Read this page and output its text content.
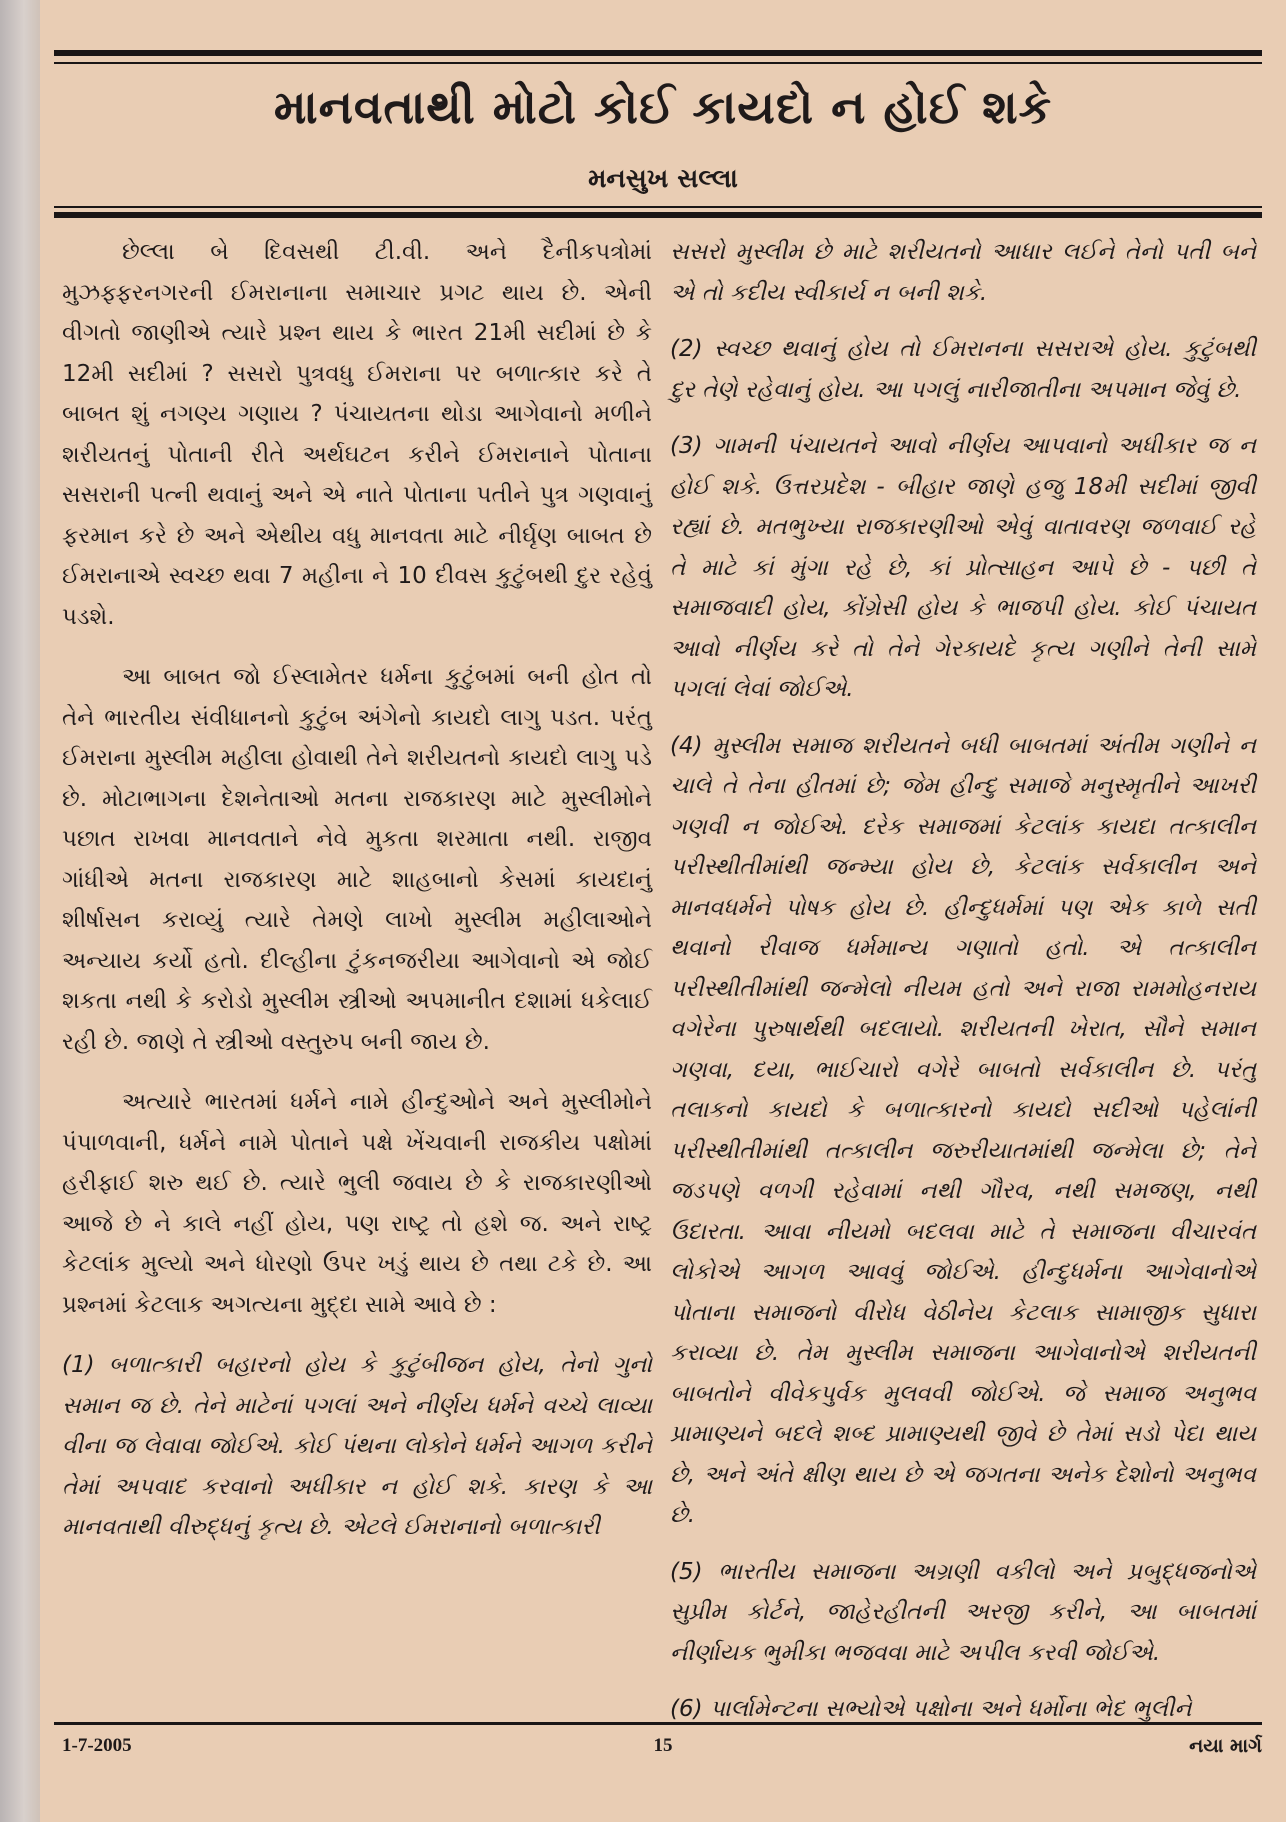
માનવતાથી મોટો કોઈ કાયદો ન હોઈ શકે
મનસુખ સલ્લા

છેલ્લા બે દિવસથી ટી.વી. અને દૈનીકપત્રોમાં મુઝફ્ફરનગરની ઈમરાનાના સમાચાર પ્રગટ થાય છે. એની વીગતો જાણીએ ત્યારે પ્રશ્ન થાય કે ભારત 21મી સદીમાં છે કે 12મી સદીમાં ? સસરો પુત્રવધુ ઈમરાના પર બળાત્કાર કરે તે બાબત શું નગણ્ય ગણાય ? પંચાયતના થોડા આગેવાનો મળીને શરીયતનું પોતાની રીતે અર્થઘટન કરીને ઈમરાનાને પોતાના સસરાની પત્ની થવાનું અને એ નાતે પોતાના પતીને પુત્ર ગણવાનું ફરમાન કરે છે અને એથીય વધુ માનવતા માટે નીર્ઘૃણ બાબત છે ઈમરાનાએ સ્વચ્છ થવા 7 મહીના ને 10 દીવસ કુટુંબથી દુર રહેવું પડશે.

આ બાબત જો ઈસ્લામેતર ધર્મના કુટુંબમાં બની હોત તો તેને ભારતીય સંવીધાનનો કુટુંબ અંગેનો કાયદો લાગુ પડત. પરંતુ ઈમરાના મુસ્લીમ મહીલા હોવાથી તેને શરીયતનો કાયદો લાગુ પડે છે. મોટાભાગના દેશનેતાઓ મતના રાજકારણ માટે મુસ્લીમોને પછાત રાખવા માનવતાને નેવે મુકતા શરમાતા નથી. રાજીવ ગાંધીએ મતના રાજકારણ માટે શાહબાનો કેસમાં કાયદાનું શીર્ષાસન કરાવ્યું ત્યારે તેમણે લાખો મુસ્લીમ મહીલાઓને અન્યાય કર્યો હતો. દીલ્હીના ટુંકનજરીયા આગેવાનો એ જોઈ શકતા નથી કે કરોડો મુસ્લીમ સ્ત્રીઓ અપમાનીત દશામાં ધકેલાઈ રહી છે. જાણે તે સ્ત્રીઓ વસ્તુરુપ બની જાય છે.

અત્યારે ભારતમાં ધર્મને નામે હીન્દુઓને અને મુસ્લીમોને પંપાળવાની, ધર્મને નામે પોતાને પક્ષે ખેંચવાની રાજકીય પક્ષોમાં હરીફાઈ શરુ થઈ છે. ત્યારે ભુલી જવાય છે કે રાજકારણીઓ આજે છે ને કાલે નહીં હોય, પણ રાષ્ટ્ર તો હશે જ. અને રાષ્ટ્ર કેટલાંક મુલ્યો અને ધોરણો ઉપર ખડું થાય છે તથા ટકે છે. આ પ્રશ્નમાં કેટલાક અગત્યના મુદ્દા સામે આવે છે :

(1) બળાત્કારી બહારનો હોય કે કુટુંબીજન હોય, તેનો ગુનો સમાન જ છે. તેને માટેનાં પગલાં અને નીર્ણય ધર્મને વચ્ચે લાવ્યા વીના જ લેવાવા જોઈએ. કોઈ પંથના લોકોને ધર્મને આગળ કરીને તેમાં અપવાદ કરવાનો અધીકાર ન હોઈ શકે. કારણ કે આ માનવતાથી વીરુદ્ધનું કૃત્ય છે. એટલે ઈમરાનાનો બળાત્કારી

સસરો મુસ્લીમ છે માટે શરીયતનો આધાર લઈને તેનો પતી બને એ તો કદીય સ્વીકાર્ય ન બની શકે.

(2) સ્વચ્છ થવાનું હોય તો ઈમરાનના સસરાએ હોય. કુટુંબથી દુર તેણે રહેવાનું હોય. આ પગલું નારીજાતીના અપમાન જેવું છે.

(3) ગામની પંચાયતને આવો નીર્ણય આપવાનો અધીકાર જ ન હોઈ શકે. ઉત્તરપ્રદેશ - બીહાર જાણે હજુ 18મી સદીમાં જીવી રહ્યાં છે. મતભુખ્યા રાજકારણીઓ એવું વાતાવરણ જળવાઈ રહે તે માટે કાં મુંગા રહે છે, કાં પ્રોત્સાહન આપે છે - પછી તે સમાજવાદી હોય, કોંગ્રેસી હોય કે ભાજપી હોય. કોઈ પંચાયત આવો નીર્ણય કરે તો તેને ગેરકાયદે કૃત્ય ગણીને તેની સામે પગલાં લેવાં જોઈએ.

(4) મુસ્લીમ સમાજ શરીયતને બધી બાબતમાં અંતીમ ગણીને ન ચાલે તે તેના હીતમાં છે; જેમ હીન્દુ સમાજે મનુસ્મૃતીને આખરી ગણવી ન જોઈએ. દરેક સમાજમાં કેટલાંક કાયદા તત્કાલીન પરીસ્થીતીમાંથી જન્મ્યા હોય છે, કેટલાંક સર્વકાલીન અને માનવધર્મને પોષક હોય છે. હીન્દુધર્મમાં પણ એક કાળે સતી થવાનો રીવાજ ધર્મમાન્ય ગણાતો હતો. એ તત્કાલીન પરીસ્થીતીમાંથી જન્મેલો નીયમ હતો અને રાજા રામમોહનરાય વગેરેના પુરુષાર્થથી બદલાયો. શરીયતની ખેરાત, સૌને સમાન ગણવા, દયા, ભાઈચારો વગેરે બાબતો સર્વકાલીન છે. પરંતુ તલાકનો કાયદો કે બળાત્કારનો કાયદો સદીઓ પહેલાંની પરીસ્થીતીમાંથી તત્કાલીન જરુરીયાતમાંથી જન્મેલા છે; તેને જડપણે વળગી રહેવામાં નથી ગૌરવ, નથી સમજણ, નથી ઉદારતા. આવા નીયમો બદલવા માટે તે સમાજના વીચારવંત લોકોએ આગળ આવવું જોઈએ. હીન્દુધર્મના આગેવાનોએ પોતાના સમાજનો વીરોધ વેઠીનેય કેટલાક સામાજીક સુધારા કરાવ્યા છે. તેમ મુસ્લીમ સમાજના આગેવાનોએ શરીયતની બાબતોને વીવેકપુર્વક મુલવવી જોઈએ. જે સમાજ અનુભવ પ્રામાણ્યને બદલે શબ્દ પ્રામાણ્યથી જીવે છે તેમાં સડો પેદા થાય છે, અને અંતે ક્ષીણ થાય છે એ જગતના અનેક દેશોનો અનુભવ છે.

(5) ભારતીય સમાજના અગ્રણી વકીલો અને પ્રબુદ્ધજનોએ સુપ્રીમ કોર્ટને, જાહેરહીતની અરજી કરીને, આ બાબતમાં નીર્ણાયક ભુમીકા ભજવવા માટે અપીલ કરવી જોઈએ.

(6) પાર્લામેન્ટના સભ્યોએ પક્ષોના અને ધર્મોના ભેદ ભુલીને

1-7-2005	15	નયા માર્ગ
